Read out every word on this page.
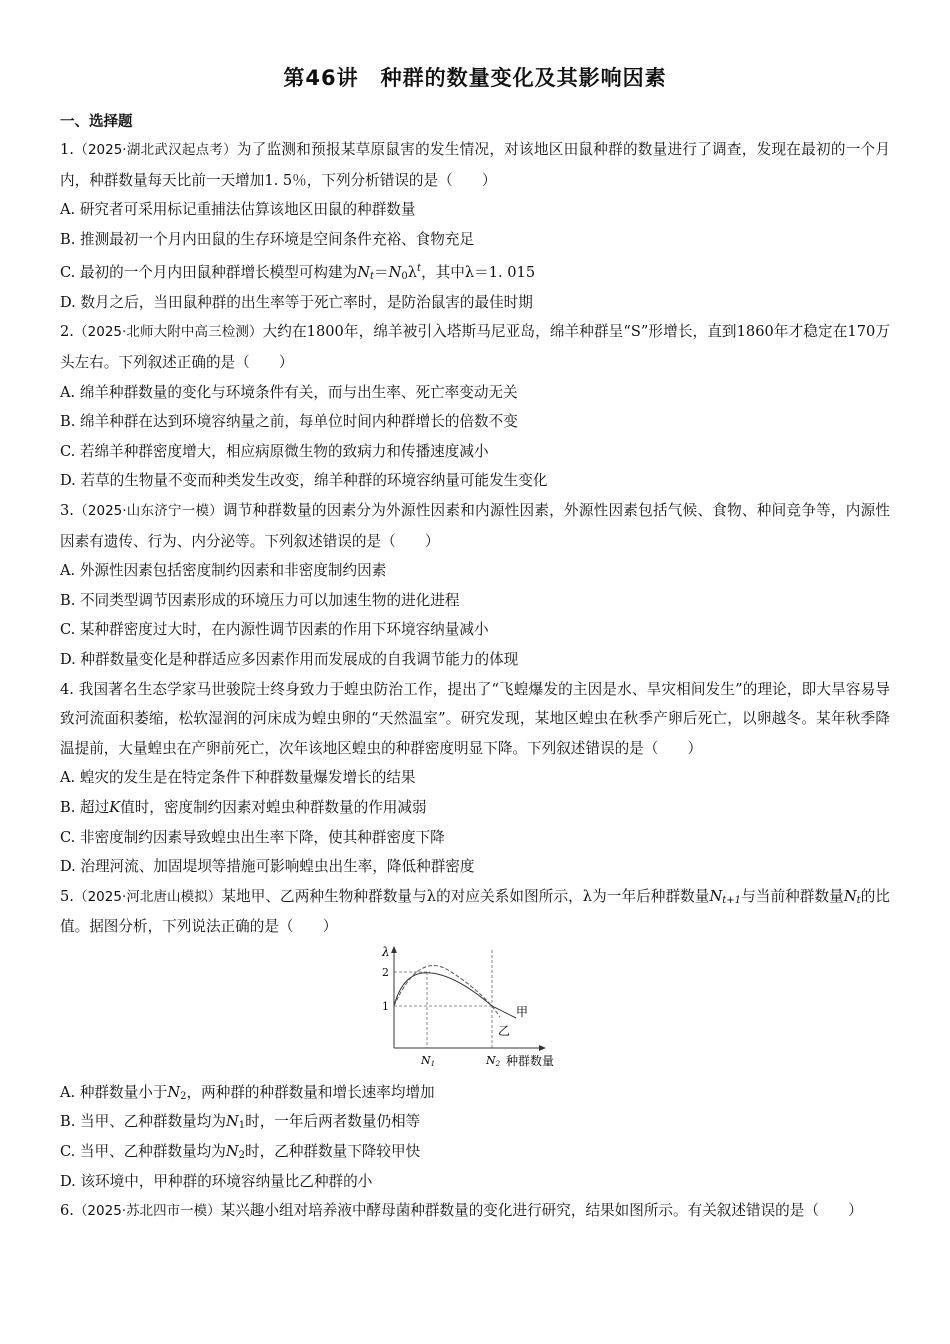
第46讲 种群的数量变化及其影响因素
一、选择题

1.（2025·湖北武汉起点考）为了监测和预报某草原鼠害的发生情况，对该地区田鼠种群的数量进行了调查，发现在最初的一个月内，种群数量每天比前一天增加1. 5％，下列分析错误的是（　　）

A. 研究者可采用标记重捕法估算该地区田鼠的种群数量

B. 推测最初一个月内田鼠的生存环境是空间条件充裕、食物充足

C. 最初的一个月内田鼠种群增长模型可构建为$N_t=N_0\lambda^t$，其中λ＝1. 015

D. 数月之后，当田鼠种群的出生率等于死亡率时，是防治鼠害的最佳时期

2.（2025·北师大附中高三检测）大约在1800年，绵羊被引入塔斯马尼亚岛，绵羊种群呈“S”形增长，直到1860年才稳定在170万头左右。下列叙述正确的是（　　）

A. 绵羊种群数量的变化与环境条件有关，而与出生率、死亡率变动无关

B. 绵羊种群在达到环境容纳量之前，每单位时间内种群增长的倍数不变

C. 若绵羊种群密度增大，相应病原微生物的致病力和传播速度减小

D. 若草的生物量不变而种类发生改变，绵羊种群的环境容纳量可能发生变化

3.（2025·山东济宁一模）调节种群数量的因素分为外源性因素和内源性因素，外源性因素包括气候、食物、种间竞争等，内源性因素有遗传、行为、内分泌等。下列叙述错误的是（　　）

A. 外源性因素包括密度制约因素和非密度制约因素

B. 不同类型调节因素形成的环境压力可以加速生物的进化进程

C. 某种群密度过大时，在内源性调节因素的作用下环境容纳量减小

D. 种群数量变化是种群适应多因素作用而发展成的自我调节能力的体现

4. 我国著名生态学家马世骏院士终身致力于蝗虫防治工作，提出了“飞蝗爆发的主因是水、旱灾相间发生”的理论，即大旱容易导致河流面积萎缩，松软湿润的河床成为蝗虫卵的“天然温室”。研究发现，某地区蝗虫在秋季产卵后死亡，以卵越冬。某年秋季降温提前，大量蝗虫在产卵前死亡，次年该地区蝗虫的种群密度明显下降。下列叙述错误的是（　　）

A. 蝗灾的发生是在特定条件下种群数量爆发增长的结果

B. 超过K值时，密度制约因素对蝗虫种群数量的作用减弱

C. 非密度制约因素导致蝗虫出生率下降，使其种群密度下降

D. 治理河流、加固堤坝等措施可影响蝗虫出生率，降低种群密度

5.（2025·河北唐山模拟）某地甲、乙两种生物种群数量与λ的对应关系如图所示，λ为一年后种群数量$N_{t+1}$与当前种群数量$N_t$的比值。据图分析，下列说法正确的是（　　）

λ
2
1	甲
乙
N1	N2 种群数量

A. 种群数量小于$N_2$，两种群的种群数量和增长速率均增加

B. 当甲、乙种群数量均为$N_1$时，一年后两者数量仍相等

C. 当甲、乙种群数量均为$N_2$时，乙种群数量下降较甲快

D. 该环境中，甲种群的环境容纳量比乙种群的小

6.（2025·苏北四市一模）某兴趣小组对培养液中酵母菌种群数量的变化进行研究，结果如图所示。有关叙述错误的是（　　）
